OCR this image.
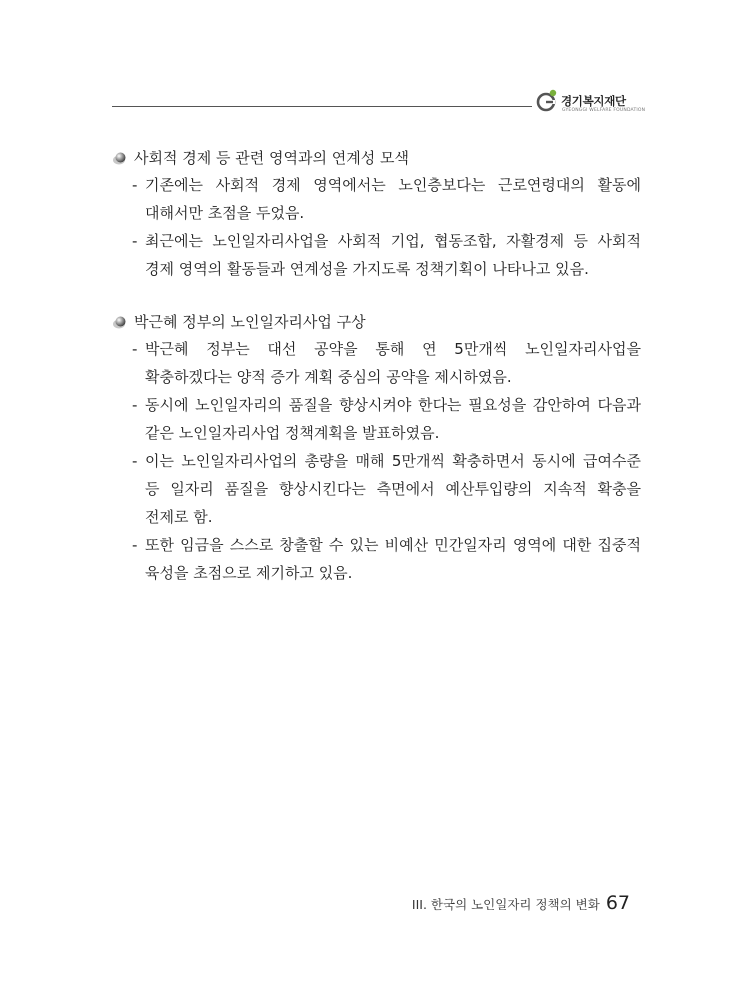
경기복지재단
GYEONGGI WELFARE FOUNDATION
사회적 경제 등 관련 영역과의 연계성 모색
- 기존에는 사회적 경제 영역에서는 노인층보다는 근로연령대의 활동에 대해서만 초점을 두었음.
- 최근에는 노인일자리사업을 사회적 기업, 협동조합, 자활경제 등 사회적 경제 영역의 활동들과 연계성을 가지도록 정책기획이 나타나고 있음.
박근혜 정부의 노인일자리사업 구상
- 박근혜 정부는 대선 공약을 통해 연 5만개씩 노인일자리사업을 확충하겠다는 양적 증가 계획 중심의 공약을 제시하였음.
- 동시에 노인일자리의 품질을 향상시켜야 한다는 필요성을 감안하여 다음과 같은 노인일자리사업 정책계획을 발표하였음.
- 이는 노인일자리사업의 총량을 매해 5만개씩 확충하면서 동시에 급여수준 등 일자리 품질을 향상시킨다는 측면에서 예산투입량의 지속적 확충을 전제로 함.
- 또한 임금을 스스로 창출할 수 있는 비예산 민간일자리 영역에 대한 집중적 육성을 초점으로 제기하고 있음.
III. 한국의 노인일자리 정책의 변화 67
